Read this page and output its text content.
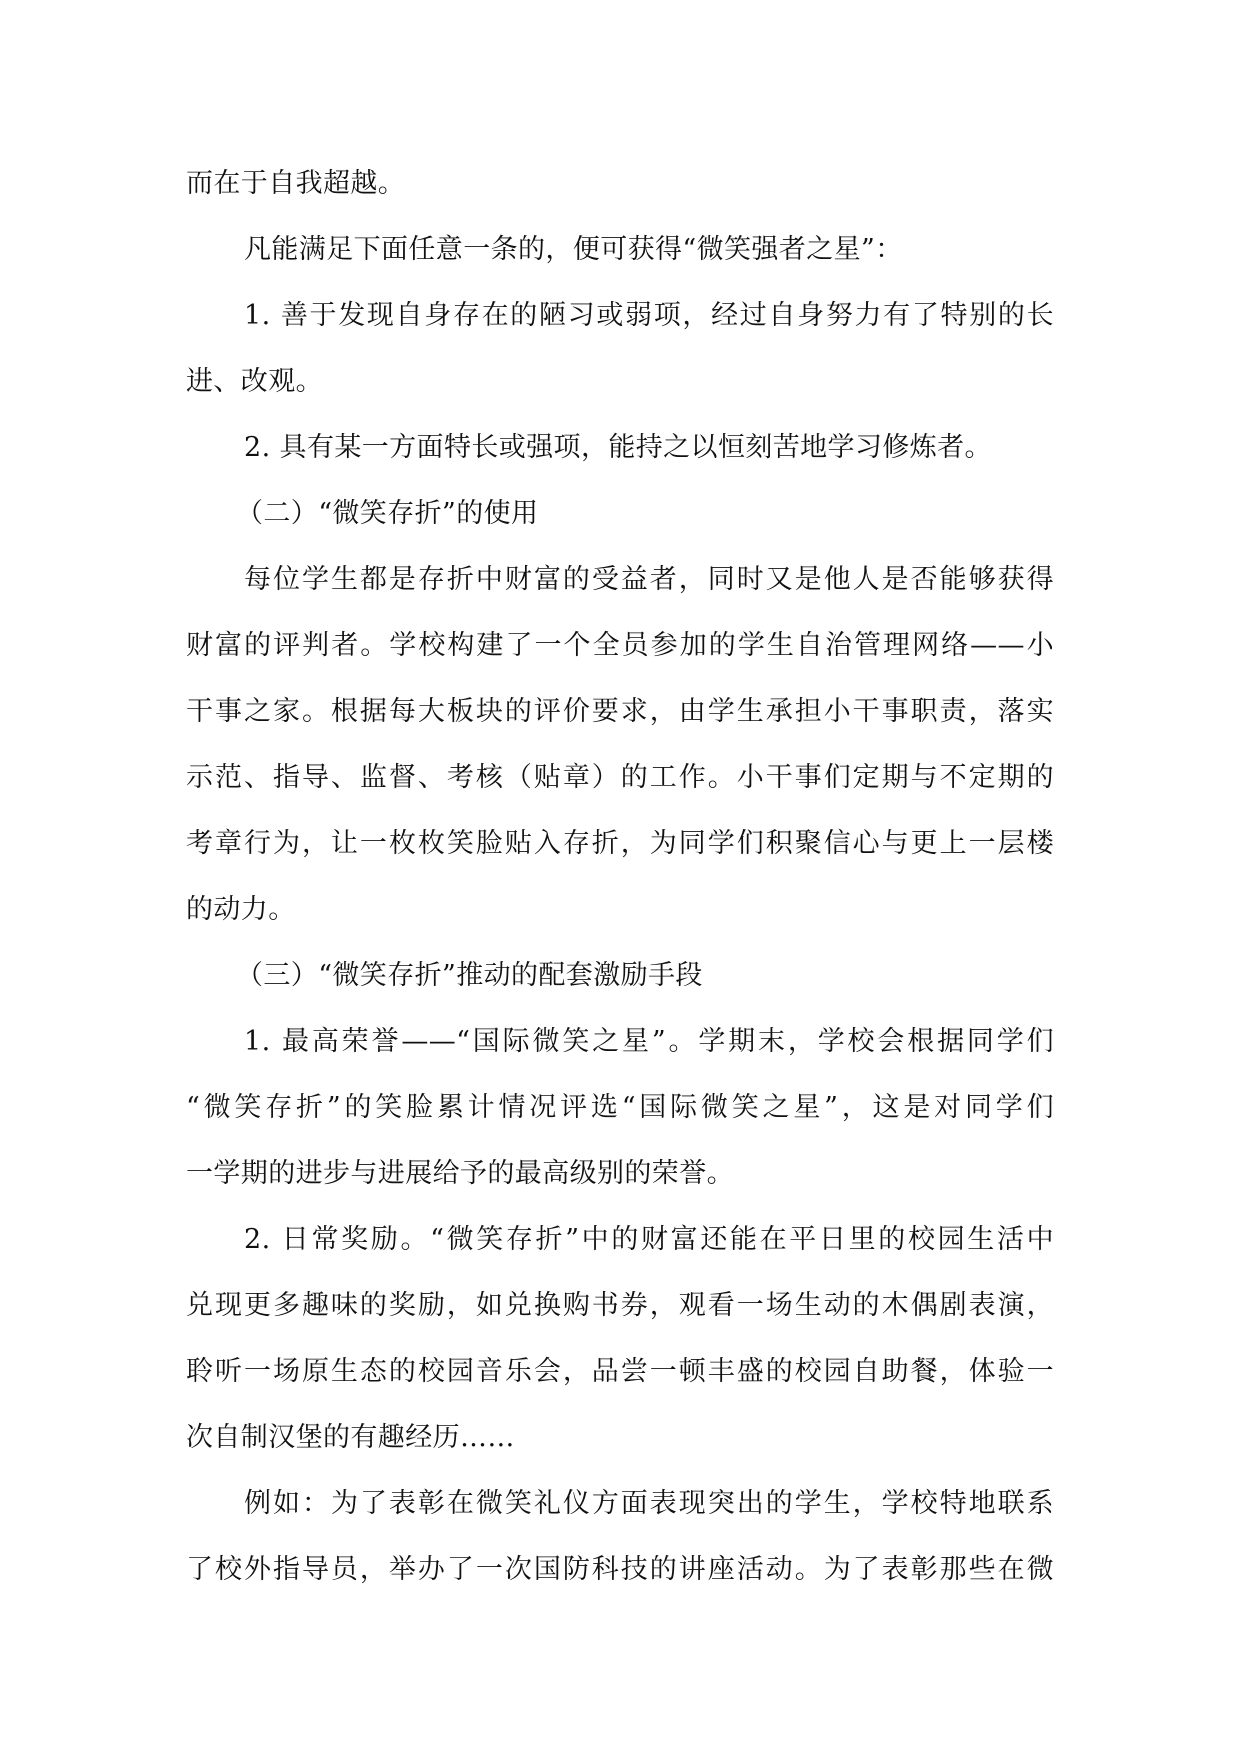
而在于自我超越。
凡能满足下面任意一条的，便可获得“微笑强者之星”：
1. 善于发现自身存在的陋习或弱项，经过自身努力有了特别的长
进、改观。
2. 具有某一方面特长或强项，能持之以恒刻苦地学习修炼者。
（二）“微笑存折”的使用
每位学生都是存折中财富的受益者，同时又是他人是否能够获得
财富的评判者。学校构建了一个全员参加的学生自治管理网络——小
干事之家。根据每大板块的评价要求，由学生承担小干事职责，落实
示范、指导、监督、考核（贴章）的工作。小干事们定期与不定期的
考章行为，让一枚枚笑脸贴入存折，为同学们积聚信心与更上一层楼
的动力。
（三）“微笑存折”推动的配套激励手段
1. 最高荣誉——“国际微笑之星”。学期末，学校会根据同学们
“微笑存折”的笑脸累计情况评选“国际微笑之星”，这是对同学们
一学期的进步与进展给予的最高级别的荣誉。
2. 日常奖励。“微笑存折”中的财富还能在平日里的校园生活中
兑现更多趣味的奖励，如兑换购书券，观看一场生动的木偶剧表演，
聆听一场原生态的校园音乐会，品尝一顿丰盛的校园自助餐，体验一
次自制汉堡的有趣经历……
例如：为了表彰在微笑礼仪方面表现突出的学生，学校特地联系
了校外指导员，举办了一次国防科技的讲座活动。为了表彰那些在微
